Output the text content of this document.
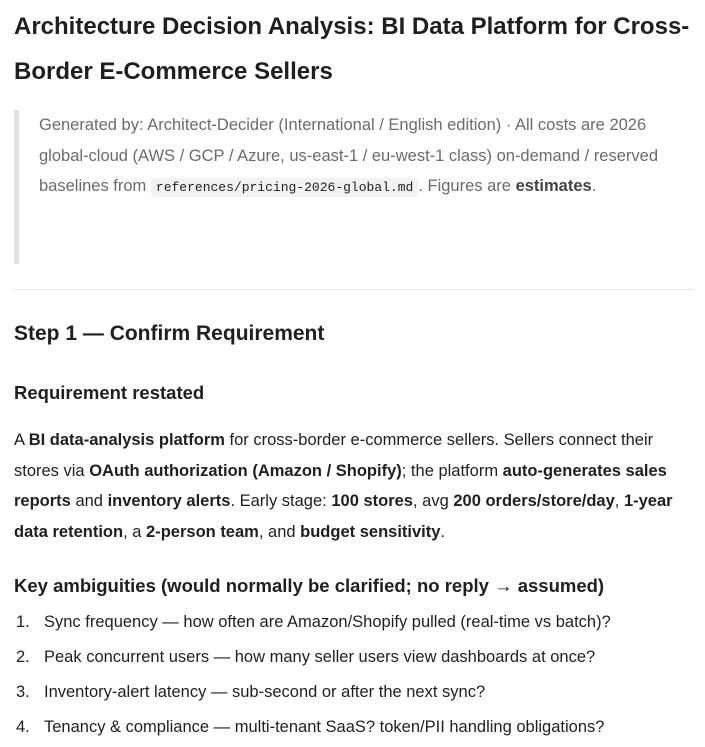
Architecture Decision Analysis: BI Data Platform for Cross-Border E-Commerce Sellers

Generated by: Architect-Decider (International / English edition) · All costs are 2026
global-cloud (AWS / GCP / Azure, us-east-1 / eu-west-1 class) on-demand / reserved
baselines from references/pricing-2026-global.md . Figures are estimates.

Step 1 — Confirm Requirement
Requirement restated

A BI data-analysis platform for cross-border e-commerce sellers. Sellers connect their stores via OAuth authorization (Amazon / Shopify); the platform auto-generates sales reports and inventory alerts. Early stage: 100 stores, avg 200 orders/store/day, 1-year data retention, a 2-person team, and budget sensitivity.

Key ambiguities (would normally be clarified; no reply → assumed)
1. Sync frequency — how often are Amazon/Shopify pulled (real-time vs batch)?
2. Peak concurrent users — how many seller users view dashboards at once?
3. Inventory-alert latency — sub-second or after the next sync?
4. Tenancy & compliance — multi-tenant SaaS? token/PII handling obligations?
